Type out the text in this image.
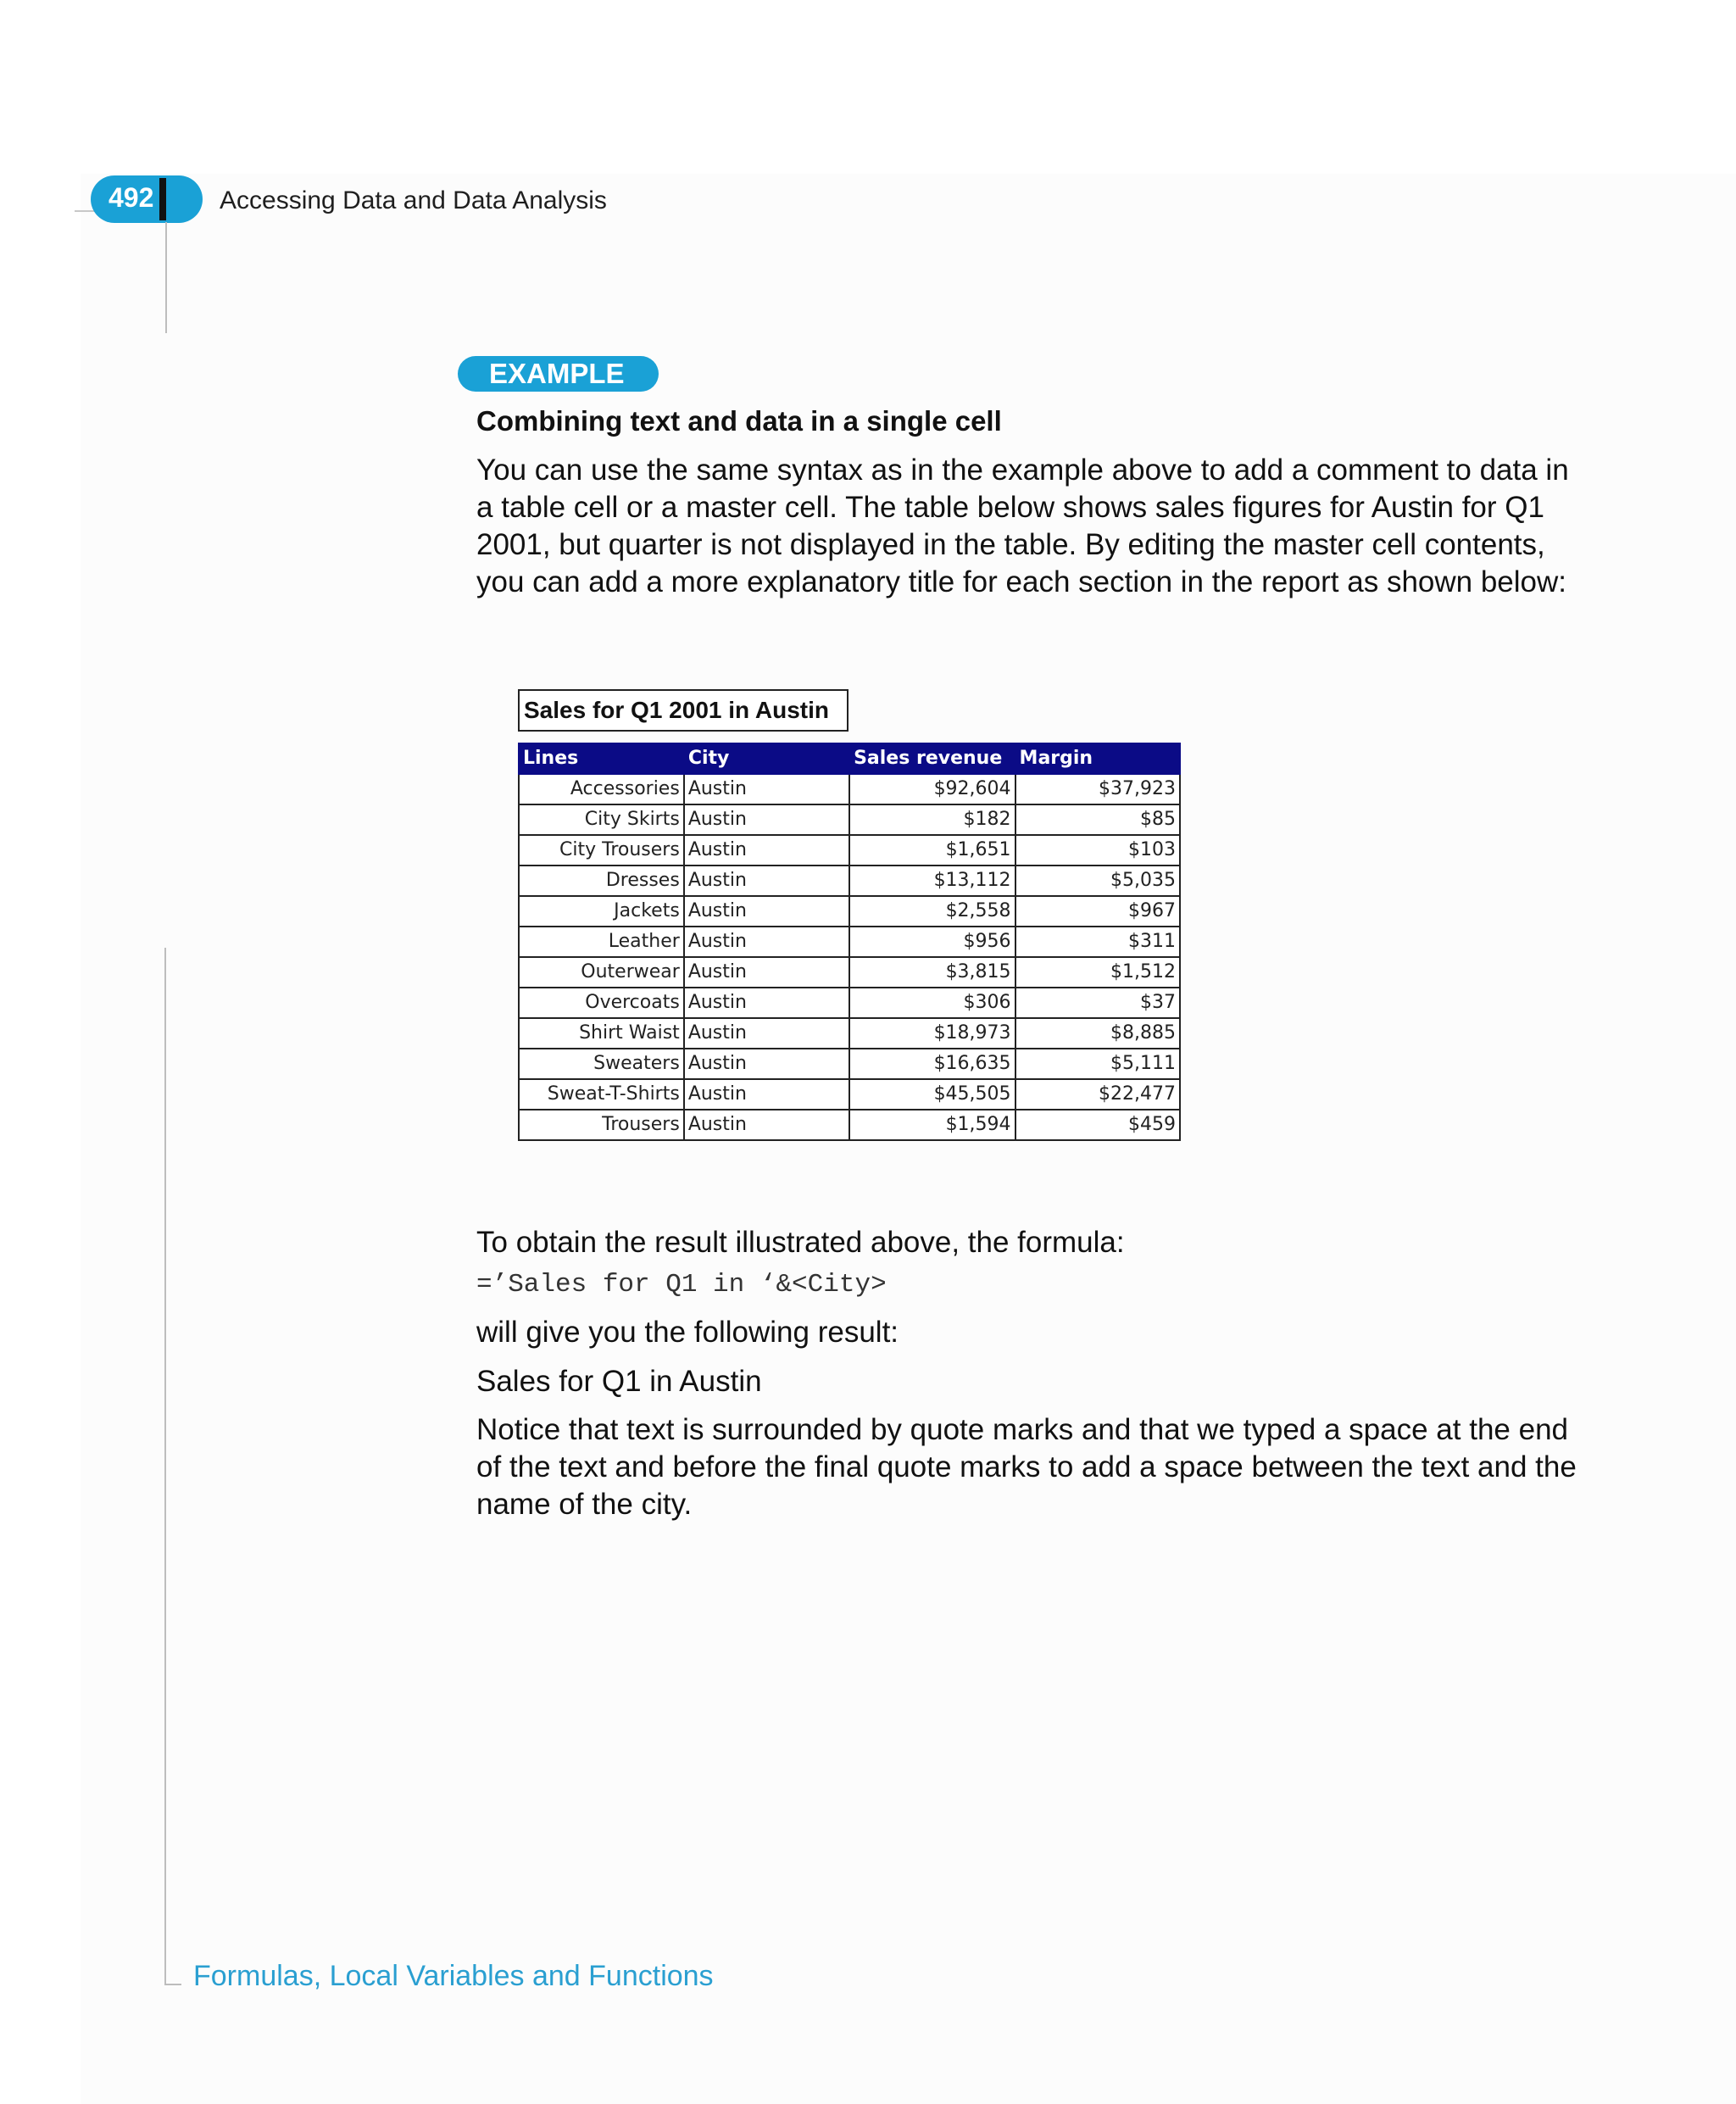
492	Accessing Data and Data Analysis
EXAMPLE
Combining text and data in a single cell
You can use the same syntax as in the example above to add a comment to data in a table cell or a master cell. The table below shows sales figures for Austin for Q1 2001, but quarter is not displayed in the table. By editing the master cell contents, you can add a more explanatory title for each section in the report as shown below:
Sales for Q1 2001 in Austin
Lines	City	Sales revenue	Margin
Accessories	Austin	$92,604	$37,923
City Skirts	Austin	$182	$85
City Trousers	Austin	$1,651	$103
Dresses	Austin	$13,112	$5,035
Jackets	Austin	$2,558	$967
Leather	Austin	$956	$311
Outerwear	Austin	$3,815	$1,512
Overcoats	Austin	$306	$37
Shirt Waist	Austin	$18,973	$8,885
Sweaters	Austin	$16,635	$5,111
Sweat-T-Shirts	Austin	$45,505	$22,477
Trousers	Austin	$1,594	$459
To obtain the result illustrated above, the formula:
=’Sales for Q1 in ‘&<City>
will give you the following result:
Sales for Q1 in Austin
Notice that text is surrounded by quote marks and that we typed a space at the end of the text and before the final quote marks to add a space between the text and the name of the city.
Formulas, Local Variables and Functions
